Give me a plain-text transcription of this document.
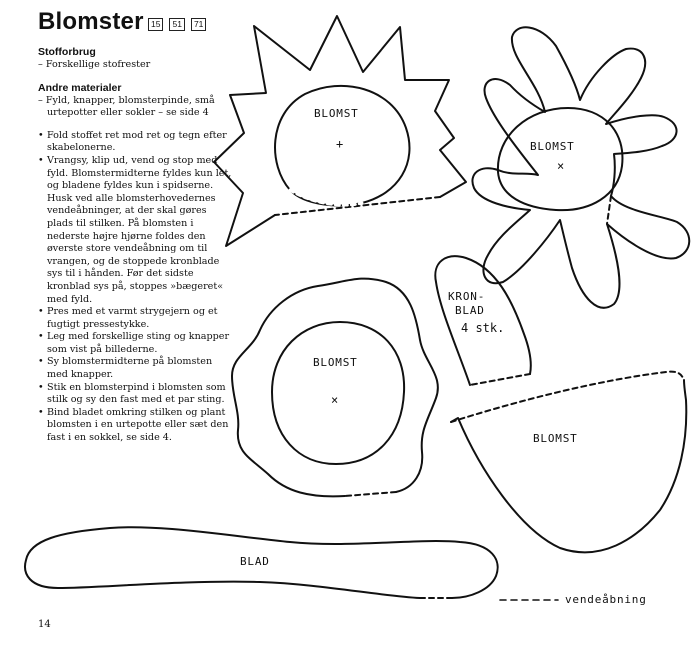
Blomster 15	51	71

Stofforbrug

– Forskellige stofrester

Andre materialer

– Fyld, knapper, blomsterpinde, små urtepotter eller sokler – se side 4

• Fold stoffet ret mod ret og tegn efter skabelonerne.
• Vrangsy, klip ud, vend og stop med fyld. Blomstermidterne fyldes kun let, og bladene fyldes kun i spidserne. Husk ved alle blomsterhovedernes vendeåbninger, at der skal gøres plads til stilken. På blomsten i nederste højre hjørne foldes den øverste store vendeåbning om til vrangen, og de stoppede kronblade sys til i hånden. Før det sidste kronblad sys på, stoppes »bægeret« med fyld.
• Pres med et varmt strygejern og et fugtigt pressestykke.
• Leg med forskellige sting og knapper som vist på billederne.
• Sy blomstermidterne på blomsten med knapper.
• Stik en blomsterpind i blomsten som stilk og sy den fast med et par sting.
• Bind bladet omkring stilken og plant blomsten i en urtepotte eller sæt den fast i en sokkel, se side 4.
BLOMST
+	BLOMST
×
KRON-
BLAD
4 stk.
BLOMST
×
BLOMST
BLAD
vendeåbning
14
